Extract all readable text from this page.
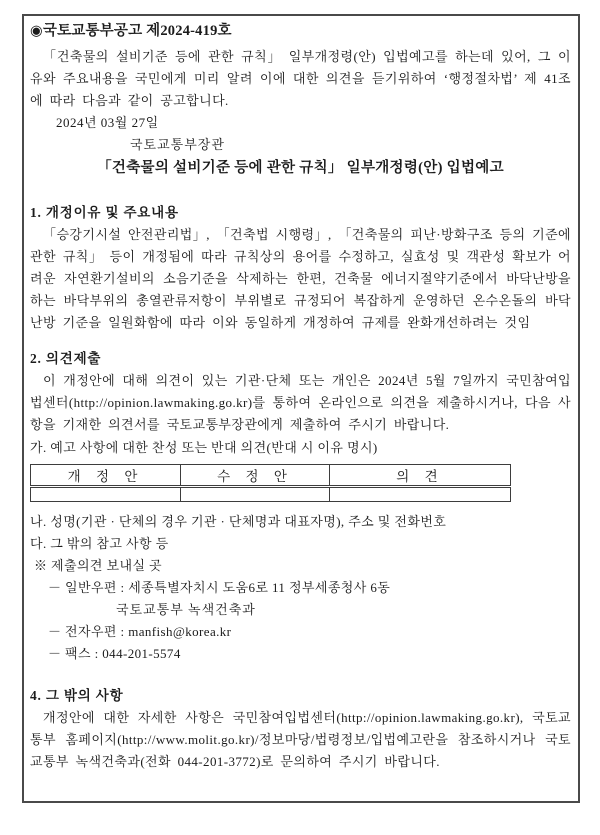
◉국토교통부공고 제2024-419호

「건축물의 설비기준 등에 관한 규칙」 일부개정령(안) 입법예고를 하는데 있어, 그 이유와 주요내용을 국민에게 미리 알려 이에 대한 의견을 듣기위하여 ‘행정절차법’ 제 41조에 따라 다음과 같이 공고합니다.

2024년 03월 27일
국토교통부장관
「건축물의 설비기준 등에 관한 규칙」 일부개정령(안) 입법예고
1. 개정이유 및 주요내용

「승강기시설 안전관리법」, 「건축법 시행령」, 「건축물의 피난·방화구조 등의 기준에 관한 규칙」 등이 개정됨에 따라 규칙상의 용어를 수정하고, 실효성 및 객관성 확보가 어려운 자연환기설비의 소음기준을 삭제하는 한편, 건축물 에너지절약기준에서 바닥난방을 하는 바닥부위의 총열관류저항이 부위별로 규정되어 복잡하게 운영하던 온수온돌의 바닥난방 기준을 일원화함에 따라 이와 동일하게 개정하여 규제를 완화개선하려는 것임

2. 의견제출

이 개정안에 대해 의견이 있는 기관·단체 또는 개인은 2024년 5월 7일까지 국민참여입법센터(http://opinion.lawmaking.go.kr)를 통하여 온라인으로 의견을 제출하시거나, 다음 사항을 기재한 의견서를 국토교통부장관에게 제출하여 주시기 바랍니다.

가. 예고 사항에 대한 찬성 또는 반대 의견(반대 시 이유 명시)
개 정 안	수 정 안	의 견

나. 성명(기관 · 단체의 경우 기관 · 단체명과 대표자명), 주소 및 전화번호
다. 그 밖의 참고 사항 등
※ 제출의견 보내실 곳
－ 일반우편 : 세종특별자치시 도움6로 11 정부세종청사 6동
국토교통부 녹색건축과
－ 전자우편 : manfish@korea.kr
－ 팩스 : 044-201-5574
4. 그 밖의 사항

개정안에 대한 자세한 사항은 국민참여입법센터(http://opinion.lawmaking.go.kr), 국토교통부 홈페이지(http://www.molit.go.kr)/정보마당/법령정보/입법예고란을 참조하시거나 국토교통부 녹색건축과(전화 044-201-3772)로 문의하여 주시기 바랍니다.
